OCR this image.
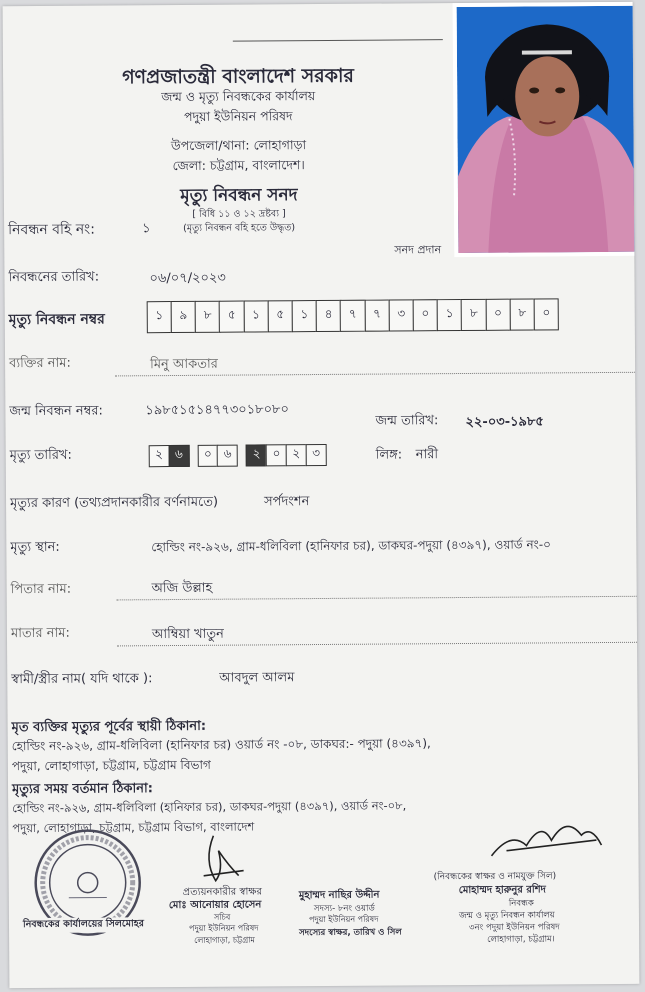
গণপ্রজাতন্ত্রী বাংলাদেশ সরকার
জন্ম ও মৃত্যু নিবন্ধকের কার্যালয়
পদুয়া ইউনিয়ন পরিষদ
উপজেলা/থানা: লোহাগাড়া
জেলা: চট্টগ্রাম, বাংলাদেশ।
মৃত্যু নিবন্ধন সনদ
[ বিধি ১১ ও ১২ দ্রষ্টব্য ]
(মৃত্যু নিবন্ধন বহি হতে উদ্ধৃত)
নিবন্ধন বহি নং:	১
সনদ প্রদান
নিবন্ধনের তারিখ:	০৬/০৭/২০২৩
মৃত্যু নিবন্ধন নম্বর	১	৯	৮	৫	১	৫	১	৪	৭	৭	৩	০	১	৮	০	৮	০
ব্যক্তির নাম:	মিনু আকতার
জন্ম নিবন্ধন নম্বর:	১৯৮৫১৫১৪৭৭৩০১৮০৮০
জন্ম তারিখ: ২২-০৩-১৯৮৫
মৃত্যু তারিখ:	২ ৬	০ ৬	২ ০ ২ ৩	লিঙ্গ: নারী
মৃত্যুর কারণ (তথ্যপ্রদানকারীর বর্ণনামতে)	সর্পদংশন
মৃত্যু স্থান:	হোল্ডিং নং-৯২৬, গ্রাম-ধলিবিলা (হানিফার চর), ডাকঘর-পদুয়া (৪৩৯৭), ওয়ার্ড নং-০
পিতার নাম:	অজি উল্লাহ
মাতার নাম:	আম্বিয়া খাতুন
স্বামী/স্ত্রীর নাম( যদি থাকে ):	আবদুল আলম
মৃত ব্যক্তির মৃত্যুর পূর্বের স্থায়ী ঠিকানা:
হোল্ডিং নং-৯২৬, গ্রাম-ধলিবিলা (হানিফার চর) ওয়ার্ড নং -০৮, ডাকঘর:- পদুয়া (৪৩৯৭),
পদুয়া, লোহাগাড়া, চট্টগ্রাম, চট্টগ্রাম বিভাগ
মৃত্যুর সময় বর্তমান ঠিকানা:
হোল্ডিং নং-৯২৬, গ্রাম-ধলিবিলা (হানিফার চর), ডাকঘর-পদুয়া (৪৩৯৭), ওয়ার্ড নং-০৮,
পদুয়া, লোহাগাড়া, চট্টগ্রাম, চট্টগ্রাম বিভাগ, বাংলাদেশ
নিবন্ধকের কার্যালয়ের সিলমোহর
প্রত্যয়নকারীর স্বাক্ষর
মোঃ আনোয়ার হোসেন
সচিব
পদুয়া ইউনিয়ন পরিষদ
লোহাগাড়া, চট্টগ্রাম
মুহাম্মদ নাছির উদ্দীন
সদস্য- ৮নং ওয়ার্ড
পদুয়া ইউনিয়ন পরিষদ
সদস্যের স্বাক্ষর, তারিখ ও সিল
(নিবন্ধকের স্বাক্ষর ও নামযুক্ত সিল)
মোহাম্মদ হারুনুর রশিদ
নিবন্ধক
জন্ম ও মৃত্যু নিবন্ধন কার্যালয়
৩নং পদুয়া ইউনিয়ন পরিষদ
লোহাগাড়া, চট্টগ্রাম।
